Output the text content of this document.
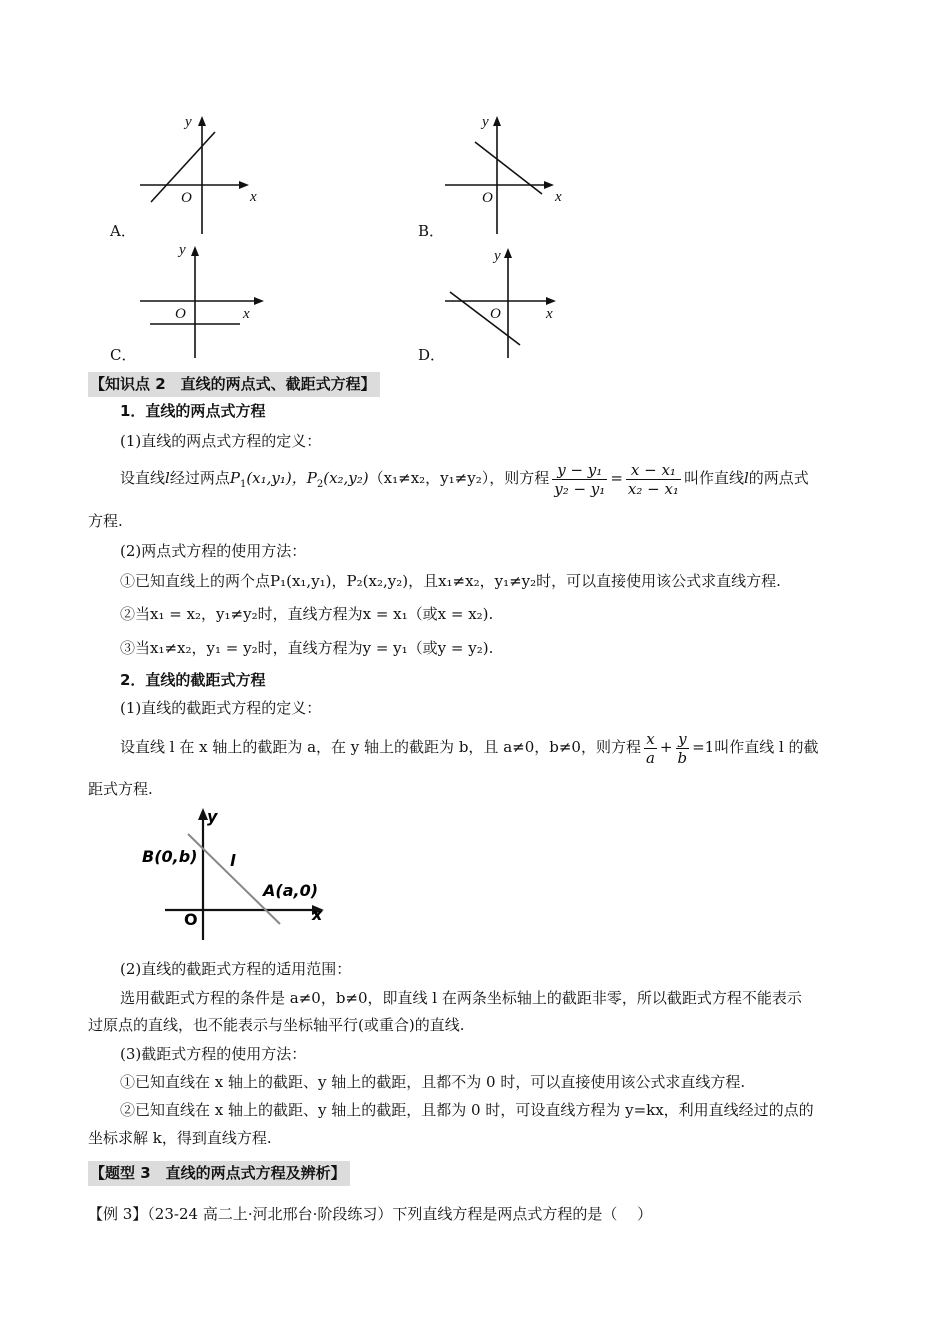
y
x
O
A．
y
x
O
B．
y
x
O
C．
y
x
O
D．
【知识点 2　直线的两点式、截距式方程】
1．直线的两点式方程
(1)直线的两点式方程的定义：
设直线l经过两点$P_1(x_1,y_1)$，$P_2(x_2,y_2)(x_1\ne x_2$，y₁≠y₂），则方程 $\frac{\text{y − y₁}}{\text{y₂ − y₁}} = \frac{\text{x − x₁}}{\text{x₂ − x₁}}$ 叫作直线l的两点式
方程.
(2)两点式方程的使用方法：
①已知直线上的两个点P₁(x₁,y₁)，P₂(x₂,y₂)，且x₁≠x₂，y₁≠y₂时，可以直接使用该公式求直线方程.
②当x₁ = x₂，y₁≠y₂时，直线方程为x = x₁（或x = x₂).
③当x₁≠x₂，y₁ = y₂时，直线方程为y = y₁（或y = y₂).
2．直线的截距式方程
(1)直线的截距式方程的定义：
设直线 l 在 x 轴上的截距为 a，在 y 轴上的截距为 b，且 a≠0，b≠0，则方程 $\frac{x}{a} + \frac{y}{b} =1$叫作直线 l 的截
距式方程.
y
x
O
l
B(0,b)
A(a,0)
(2)直线的截距式方程的适用范围：
选用截距式方程的条件是 a≠0，b≠0，即直线 l 在两条坐标轴上的截距非零，所以截距式方程不能表示
过原点的直线，也不能表示与坐标轴平行(或重合)的直线.
(3)截距式方程的使用方法：
①已知直线在 x 轴上的截距、y 轴上的截距，且都不为 0 时，可以直接使用该公式求直线方程.
②已知直线在 x 轴上的截距、y 轴上的截距，且都为 0 时，可设直线方程为 y=kx，利用直线经过的点的
坐标求解 k，得到直线方程.
【题型 3　直线的两点式方程及辨析】
【例 3】（23-24 高二上·河北邢台·阶段练习）下列直线方程是两点式方程的是（　 ）
